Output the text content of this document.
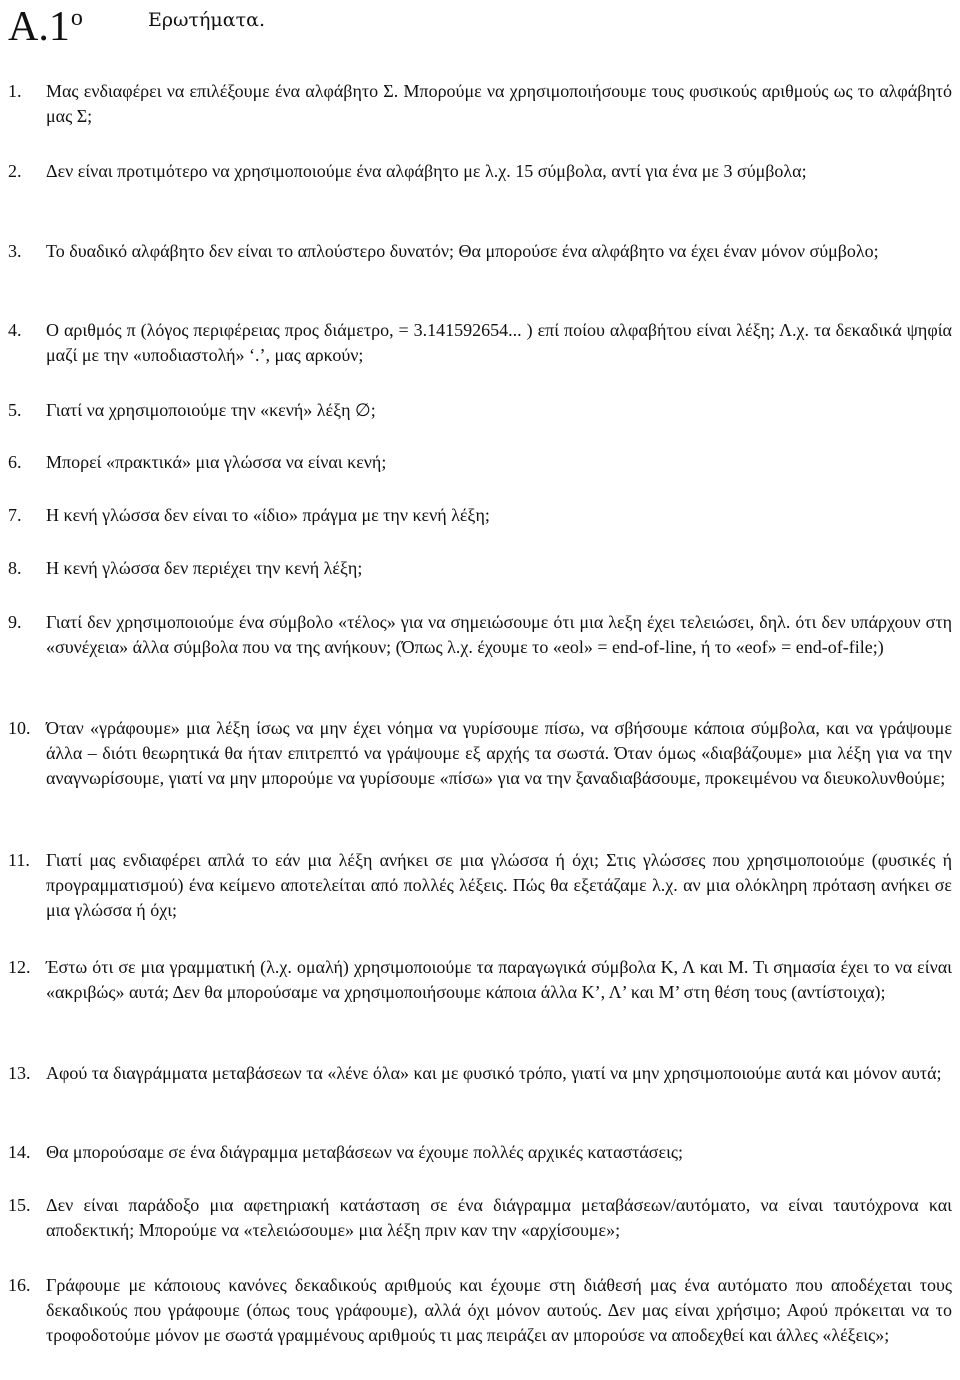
$A.1^o$	Ερωτήματα.
1. Μας ενδιαφέρει να επιλέξουμε ένα αλφάβητο Σ. Μπορούμε να χρησιμοποιήσουμε τους φυσικούς αριθμούς ως το αλφάβητό μας Σ;
2. Δεν είναι προτιμότερο να χρησιμοποιούμε ένα αλφάβητο με λ.χ. 15 σύμβολα, αντί για ένα με 3 σύμβολα;
3. Το δυαδικό αλφάβητο δεν είναι το απλούστερο δυνατόν; Θα μπορούσε ένα αλφάβητο να έχει έναν μόνον σύμβολο;
4. Ο αριθμός π (λόγος περιφέρειας προς διάμετρο, = 3.141592654... ) επί ποίου αλφαβήτου είναι λέξη; Λ.χ. τα δεκαδικά ψηφία μαζί με την «υποδιαστολή» ‘.’, μας αρκούν;
5. Γιατί να χρησιμοποιούμε την «κενή» λέξη ∅;
6. Μπορεί «πρακτικά» μια γλώσσα να είναι κενή;
7. Η κενή γλώσσα δεν είναι το «ίδιο» πράγμα με την κενή λέξη;
8. Η κενή γλώσσα δεν περιέχει την κενή λέξη;
9. Γιατί δεν χρησιμοποιούμε ένα σύμβολο «τέλος» για να σημειώσουμε ότι μια λεξη έχει τελειώσει, δηλ. ότι δεν υπάρχουν στη «συνέχεια» άλλα σύμβολα που να της ανήκουν; (Όπως λ.χ. έχουμε το «eol» = end-of-line, ή το «eof» = end-of-file;)
10. Όταν «γράφουμε» μια λέξη ίσως να μην έχει νόημα να γυρίσουμε πίσω, να σβήσουμε κάποια σύμβολα, και να γράψουμε άλλα – διότι θεωρητικά θα ήταν επιτρεπτό να γράψουμε εξ αρχής τα σωστά. Όταν όμως «διαβάζουμε» μια λέξη για να την αναγνωρίσουμε, γιατί να μην μπορούμε να γυρίσουμε «πίσω» για να την ξαναδιαβάσουμε, προκειμένου να διευκολυνθούμε;
11. Γιατί μας ενδιαφέρει απλά το εάν μια λέξη ανήκει σε μια γλώσσα ή όχι; Στις γλώσσες που χρησιμοποιούμε (φυσικές ή προγραμματισμού) ένα κείμενο αποτελείται από πολλές λέξεις. Πώς θα εξετάζαμε λ.χ. αν μια ολόκληρη πρόταση ανήκει σε μια γλώσσα ή όχι;
12. Έστω ότι σε μια γραμματική (λ.χ. ομαλή) χρησιμοποιούμε τα παραγωγικά σύμβολα Κ, Λ και Μ. Τι σημασία έχει το να είναι «ακριβώς» αυτά; Δεν θα μπορούσαμε να χρησιμοποιήσουμε κάποια άλλα Κ’, Λ’ και Μ’ στη θέση τους (αντίστοιχα);
13. Αφού τα διαγράμματα μεταβάσεων τα «λένε όλα» και με φυσικό τρόπο, γιατί να μην χρησιμοποιούμε αυτά και μόνον αυτά;
14. Θα μπορούσαμε σε ένα διάγραμμα μεταβάσεων να έχουμε πολλές αρχικές καταστάσεις;
15. Δεν είναι παράδοξο μια αφετηριακή κατάσταση σε ένα διάγραμμα μεταβάσεων/αυτόματο, να είναι ταυτόχρονα και αποδεκτική; Μπορούμε να «τελειώσουμε» μια λέξη πριν καν την «αρχίσουμε»;
16. Γράφουμε με κάποιους κανόνες δεκαδικούς αριθμούς και έχουμε στη διάθεσή μας ένα αυτόματο που αποδέχεται τους δεκαδικούς που γράφουμε (όπως τους γράφουμε), αλλά όχι μόνον αυτούς. Δεν μας είναι χρήσιμο; Αφού πρόκειται να το τροφοδοτούμε μόνον με σωστά γραμμένους αριθμούς τι μας πειράζει αν μπορούσε να αποδεχθεί και άλλες «λέξεις»;
